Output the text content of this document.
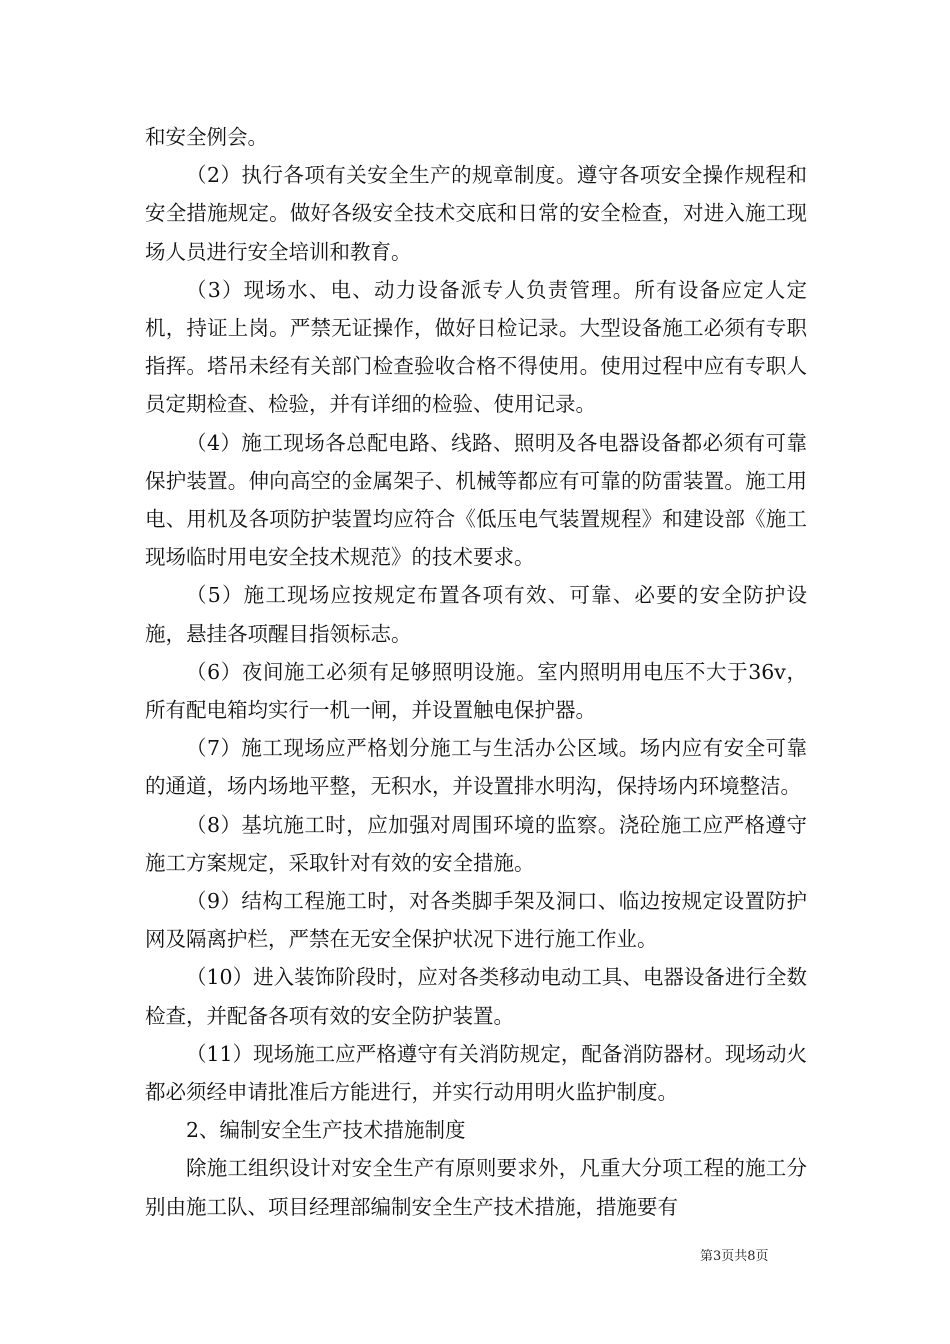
和安全例会。

（2）执行各项有关安全生产的规章制度。遵守各项安全操作规程和安全措施规定。做好各级安全技术交底和日常的安全检查，对进入施工现场人员进行安全培训和教育。

（3）现场水、电、动力设备派专人负责管理。所有设备应定人定机，持证上岗。严禁无证操作，做好日检记录。大型设备施工必须有专职指挥。塔吊未经有关部门检查验收合格不得使用。使用过程中应有专职人员定期检查、检验，并有详细的检验、使用记录。

（4）施工现场各总配电路、线路、照明及各电器设备都必须有可靠保护装置。伸向高空的金属架子、机械等都应有可靠的防雷装置。施工用电、用机及各项防护装置均应符合《低压电气装置规程》和建设部《施工现场临时用电安全技术规范》的技术要求。

（5）施工现场应按规定布置各项有效、可靠、必要的安全防护设施，悬挂各项醒目指领标志。

（6）夜间施工必须有足够照明设施。室内照明用电压不大于36v，所有配电箱均实行一机一闸，并设置触电保护器。

（7）施工现场应严格划分施工与生活办公区域。场内应有安全可靠的通道，场内场地平整，无积水，并设置排水明沟，保持场内环境整洁。

（8）基坑施工时，应加强对周围环境的监察。浇砼施工应严格遵守施工方案规定，采取针对有效的安全措施。

（9）结构工程施工时，对各类脚手架及洞口、临边按规定设置防护网及隔离护栏，严禁在无安全保护状况下进行施工作业。

（10）进入装饰阶段时，应对各类移动电动工具、电器设备进行全数检查，并配备各项有效的安全防护装置。

（11）现场施工应严格遵守有关消防规定，配备消防器材。现场动火都必须经申请批准后方能进行，并实行动用明火监护制度。

2、编制安全生产技术措施制度

除施工组织设计对安全生产有原则要求外，凡重大分项工程的施工分别由施工队、项目经理部编制安全生产技术措施，措施要有

第3页共8页
